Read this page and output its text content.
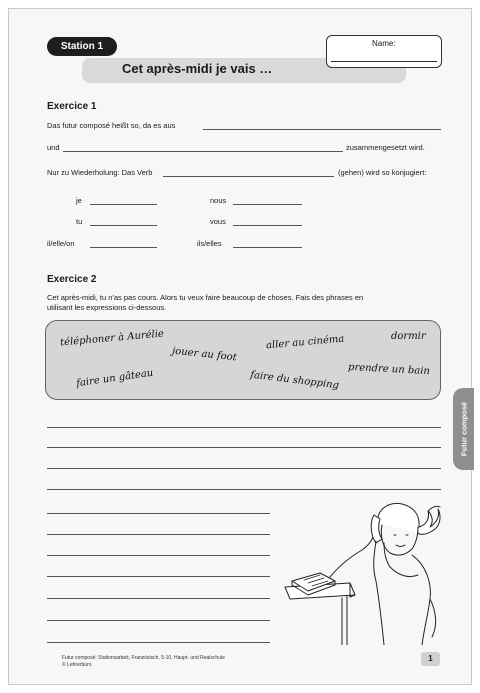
Station 1
Cet après-midi je vais …
Name:
Exercice 1
Das futur composé heißt so, da es aus
und	zusammengesetzt wird.
Nur zu Wiederholung: Das Verb	(gehen) wird so konjugiert:
je	nous
tu	vous
il/elle/on	ils/elles
Exercice 2
Cet après-midi, tu n'as pas cours. Alors tu veux faire beaucoup de choses. Fais des phrases en
utilisant les expressions ci-dessous.
téléphoner à Aurélie
jouer au foot
aller au cinéma	dormir
prendre un bain
faire un gâteau	faire du shopping
Futur composé
Futur composé: Stationsarbeit, Französisch, 5-10, Haupt- und Realschule
© Lehrerbüro
1
